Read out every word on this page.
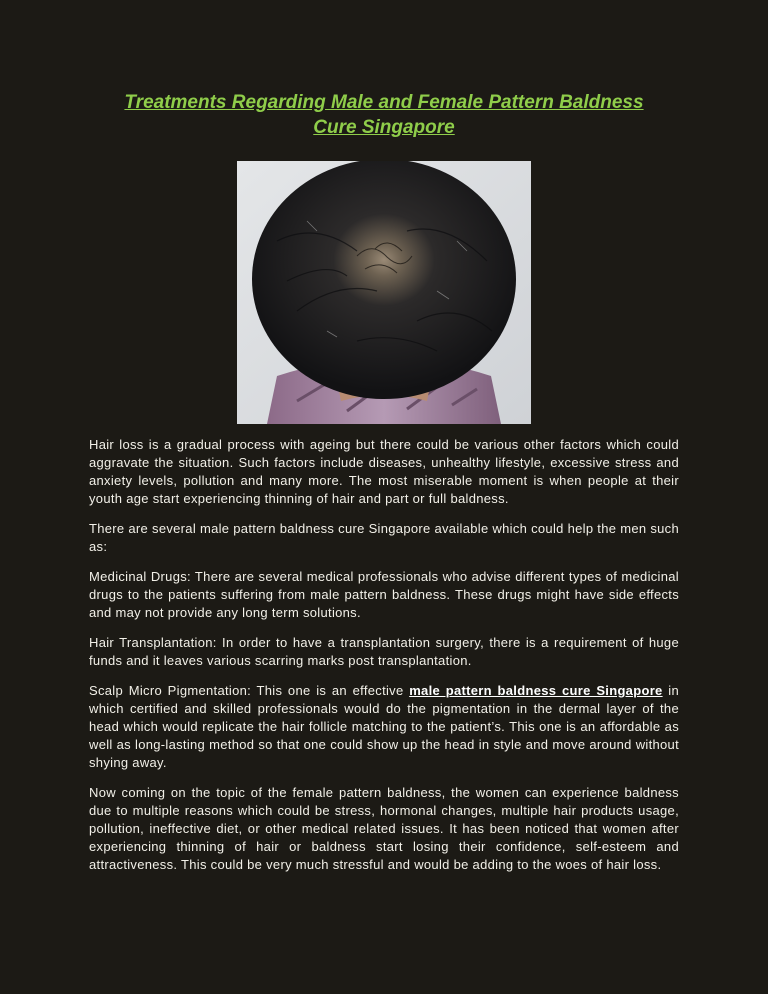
Treatments Regarding Male and Female Pattern Baldness
Cure Singapore

Hair loss is a gradual process with ageing but there could be various other factors which could aggravate the situation. Such factors include diseases, unhealthy lifestyle, excessive stress and anxiety levels, pollution and many more. The most miserable moment is when people at their youth age start experiencing thinning of hair and part or full baldness.

There are several male pattern baldness cure Singapore available which could help the men such as:

Medicinal Drugs: There are several medical professionals who advise different types of medicinal drugs to the patients suffering from male pattern baldness. These drugs might have side effects and may not provide any long term solutions.

Hair Transplantation: In order to have a transplantation surgery, there is a requirement of huge funds and it leaves various scarring marks post transplantation.

Scalp Micro Pigmentation: This one is an effective male pattern baldness cure Singapore in which certified and skilled professionals would do the pigmentation in the dermal layer of the head which would replicate the hair follicle matching to the patient’s. This one is an affordable as well as long-lasting method so that one could show up the head in style and move around without shying away.

Now coming on the topic of the female pattern baldness, the women can experience baldness due to multiple reasons which could be stress, hormonal changes, multiple hair products usage, pollution, ineffective diet, or other medical related issues. It has been noticed that women after experiencing thinning of hair or baldness start losing their confidence, self-esteem and attractiveness. This could be very much stressful and would be adding to the woes of hair loss.
